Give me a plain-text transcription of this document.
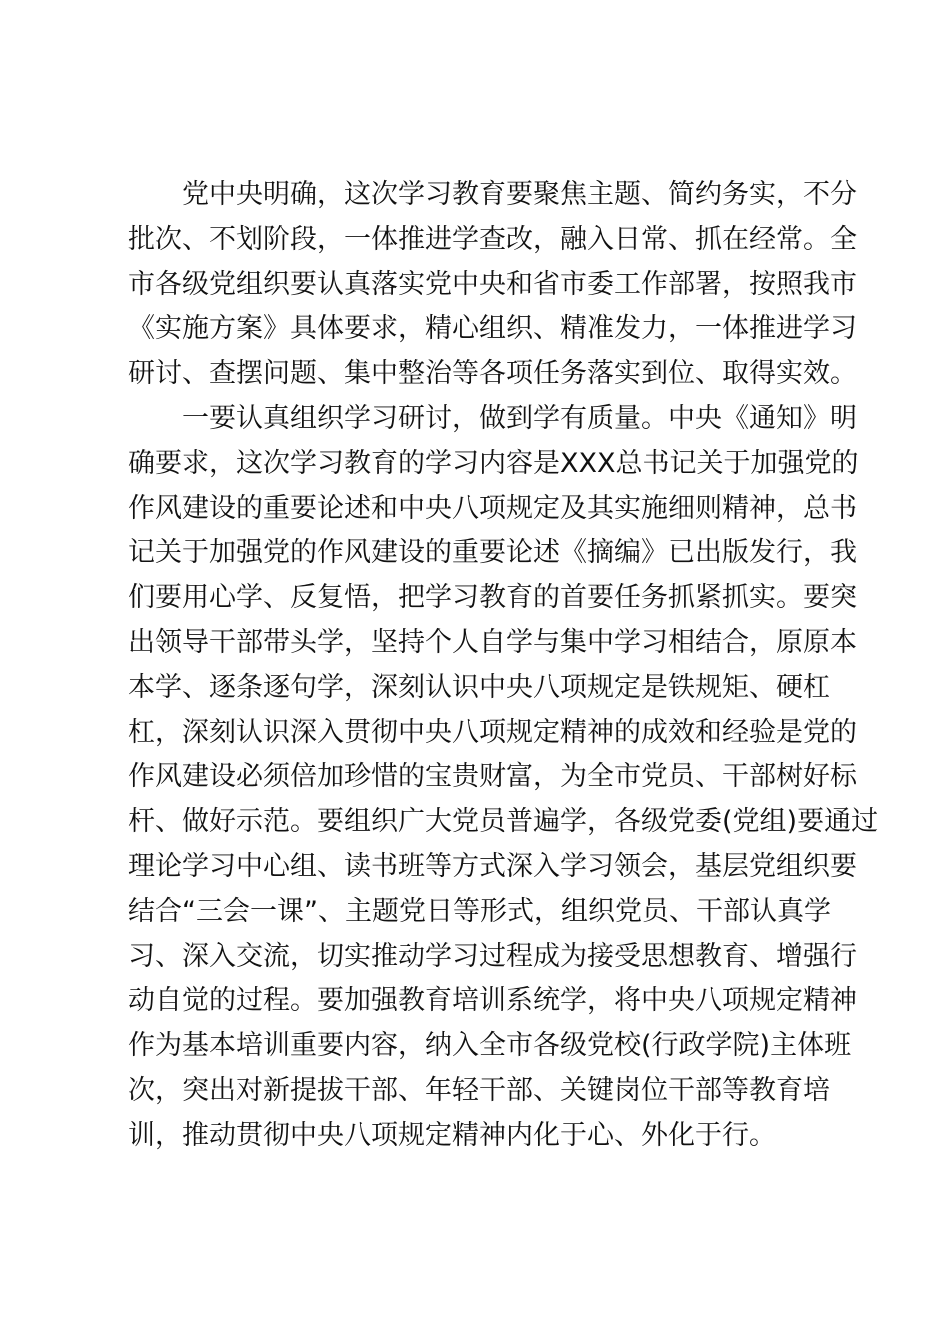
党中央明确，这次学习教育要聚焦主题、简约务实，不分
批次、不划阶段，一体推进学查改，融入日常、抓在经常。全
市各级党组织要认真落实党中央和省市委工作部署，按照我市
《实施方案》具体要求，精心组织、精准发力，一体推进学习
研讨、查摆问题、集中整治等各项任务落实到位、取得实效。
一要认真组织学习研讨，做到学有质量。中央《通知》明
确要求，这次学习教育的学习内容是XXX总书记关于加强党的
作风建设的重要论述和中央八项规定及其实施细则精神，总书
记关于加强党的作风建设的重要论述《摘编》已出版发行，我
们要用心学、反复悟，把学习教育的首要任务抓紧抓实。要突
出领导干部带头学，坚持个人自学与集中学习相结合，原原本
本学、逐条逐句学，深刻认识中央八项规定是铁规矩、硬杠
杠，深刻认识深入贯彻中央八项规定精神的成效和经验是党的
作风建设必须倍加珍惜的宝贵财富，为全市党员、干部树好标
杆、做好示范。要组织广大党员普遍学，各级党委(党组)要通过
理论学习中心组、读书班等方式深入学习领会，基层党组织要
结合“三会一课”、主题党日等形式，组织党员、干部认真学
习、深入交流，切实推动学习过程成为接受思想教育、增强行
动自觉的过程。要加强教育培训系统学，将中央八项规定精神
作为基本培训重要内容，纳入全市各级党校(行政学院)主体班
次，突出对新提拔干部、年轻干部、关键岗位干部等教育培
训，推动贯彻中央八项规定精神内化于心、外化于行。
